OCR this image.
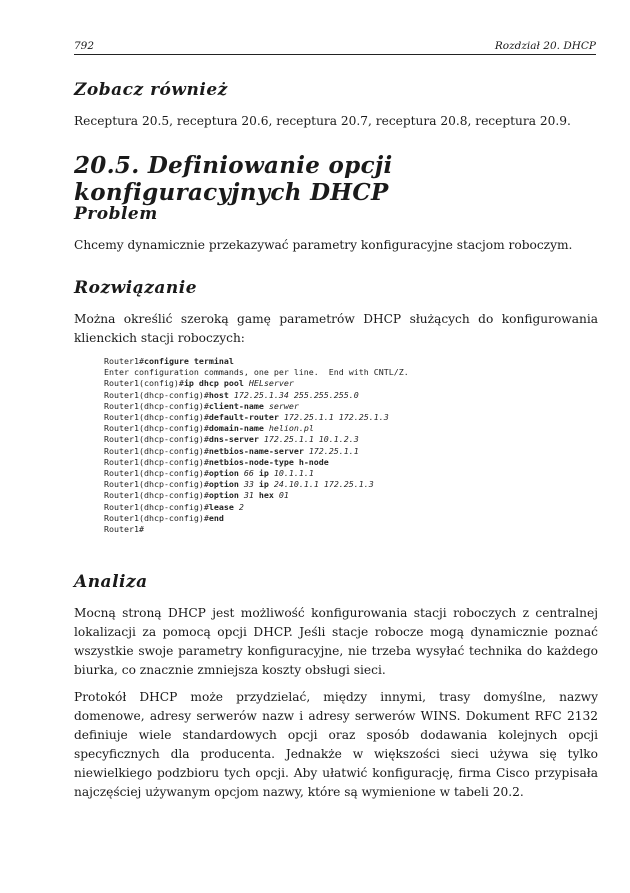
792	Rozdział 20. DHCP
Zobacz również

Receptura 20.5, receptura 20.6, receptura 20.7, receptura 20.8, receptura 20.9.

20.5. Definiowanie opcji konfiguracyjnych DHCP
Problem

Chcemy dynamicznie przekazywać parametry konfiguracyjne stacjom roboczym.

Rozwiązanie

Można określić szeroką gamę parametrów DHCP służących do konfigurowania klienckich stacji roboczych:

Router1#configure terminal
Enter configuration commands, one per line.  End with CNTL/Z.
Router1(config)#ip dhcp pool HELserver
Router1(dhcp-config)#host 172.25.1.34 255.255.255.0
Router1(dhcp-config)#client-name serwer
Router1(dhcp-config)#default-router 172.25.1.1 172.25.1.3
Router1(dhcp-config)#domain-name helion.pl
Router1(dhcp-config)#dns-server 172.25.1.1 10.1.2.3
Router1(dhcp-config)#netbios-name-server 172.25.1.1
Router1(dhcp-config)#netbios-node-type h-node
Router1(dhcp-config)#option 66 ip 10.1.1.1
Router1(dhcp-config)#option 33 ip 24.10.1.1 172.25.1.3
Router1(dhcp-config)#option 31 hex 01
Router1(dhcp-config)#lease 2
Router1(dhcp-config)#end
Router1#
Analiza

Mocną stroną DHCP jest możliwość konfigurowania stacji roboczych z centralnej lokalizacji za pomocą opcji DHCP. Jeśli stacje robocze mogą dynamicznie poznać wszystkie swoje parametry konfiguracyjne, nie trzeba wysyłać technika do każdego biurka, co znacznie zmniejsza koszty obsługi sieci.

Protokół DHCP może przydzielać, między innymi, trasy domyślne, nazwy domenowe, adresy serwerów nazw i adresy serwerów WINS. Dokument RFC 2132 definiuje wiele standardowych opcji oraz sposób dodawania kolejnych opcji specyficznych dla producenta. Jednakże w większości sieci używa się tylko niewielkiego podzbioru tych opcji. Aby ułatwić konfigurację, firma Cisco przypisała najczęściej używanym opcjom nazwy, które są wymienione w tabeli 20.2.
